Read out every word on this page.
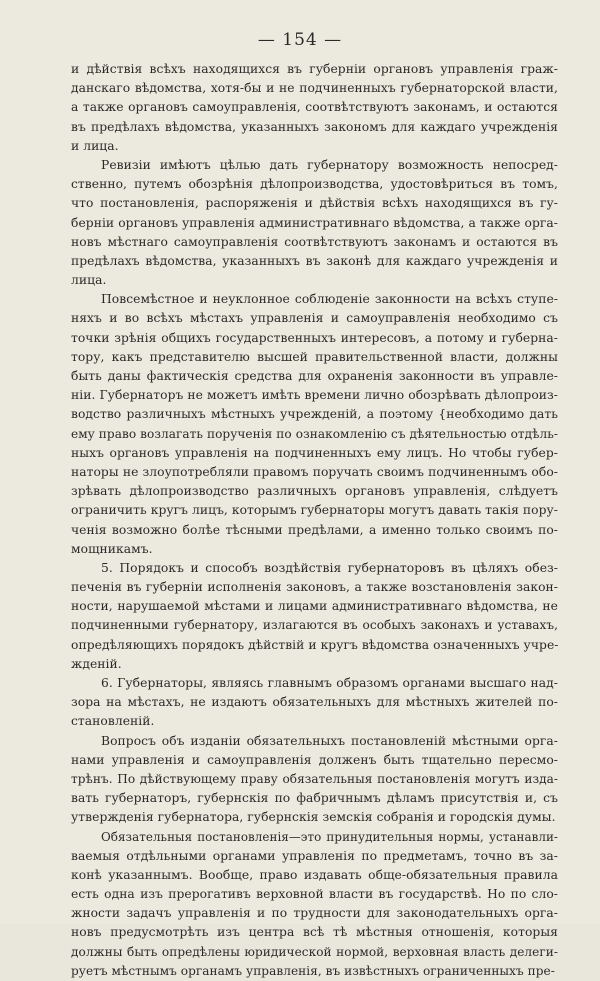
— 154 —
и дѣйствія всѣхъ находящихся въ губерніи органовъ управленія граж-
данскаго вѣдомства, хотя-бы и не подчиненныхъ губернаторской власти,
а также органовъ самоуправленія, соотвѣтствуютъ законамъ, и остаются
въ предѣлахъ вѣдомства, указанныхъ закономъ для каждаго учрежденія
и лица.
Ревизіи имѣютъ цѣлью дать губернатору возможность непосред-
ственно, путемъ обозрѣнія дѣлопроизводства, удостовѣриться въ томъ,
что постановленія, распоряженія и дѣйствія всѣхъ находящихся въ гу-
берніи органовъ управленія административнаго вѣдомства, а также орга-
новъ мѣстнаго самоуправленія соотвѣтствуютъ законамъ и остаются въ
предѣлахъ вѣдомства, указанныхъ въ законѣ для каждаго учрежденія и
лица.
Повсемѣстное и неуклонное соблюденіе законности на всѣхъ ступе-
няхъ и во всѣхъ мѣстахъ управленія и самоуправленія необходимо съ
точки зрѣнія общихъ государственныхъ интересовъ, а потому и губерна-
тору, какъ представителю высшей правительственной власти, должны
быть даны фактическія средства для охраненія законности въ управле-
ніи. Губернаторъ не можетъ имѣть времени лично обозрѣвать дѣлопроиз-
водство различныхъ мѣстныхъ учрежденій, а поэтому {необходимо дать
ему право возлагать порученія по ознакомленію съ дѣятельностью отдѣль-
ныхъ органовъ управленія на подчиненныхъ ему лицъ. Но чтобы губер-
наторы не злоупотребляли правомъ поручать своимъ подчиненнымъ обо-
зрѣвать дѣлопроизводство различныхъ органовъ управленія, слѣдуетъ
ограничить кругъ лицъ, которымъ губернаторы могутъ давать такія пору-
ченія возможно болѣе тѣсными предѣлами, а именно только своимъ по-
мощникамъ.
5. Порядокъ и способъ воздѣйствія губернаторовъ въ цѣляхъ обез-
печенія въ губерніи исполненія законовъ, а также возстановленія закон-
ности, нарушаемой мѣстами и лицами административнаго вѣдомства, не
подчиненными губернатору, излагаются въ особыхъ законахъ и уставахъ,
опредѣляющихъ порядокъ дѣйствій и кругъ вѣдомства означенныхъ учре-
жденій.
6. Губернаторы, являясь главнымъ образомъ органами высшаго над-
зора на мѣстахъ, не издаютъ обязательныхъ для мѣстныхъ жителей по-
становленій.
Вопросъ объ изданіи обязательныхъ постановленій мѣстными орга-
нами управленія и самоуправленія долженъ быть тщательно пересмо-
трѣнъ. По дѣйствующему праву обязательныя постановленія могутъ изда-
вать губернаторъ, губернскія по фабричнымъ дѣламъ присутствія и, съ
утвержденія губернатора, губернскія земскія собранія и городскія думы.
Обязательныя постановленія—это принудительныя нормы, устанавли-
ваемыя отдѣльными органами управленія по предметамъ, точно въ за-
конѣ указаннымъ. Вообще, право издавать обще-обязательныя правила
есть одна изъ прерогативъ верховной власти въ государствѣ. Но по сло-
жности задачъ управленія и по трудности для законодательныхъ орга-
новъ предусмотрѣть изъ центра всѣ тѣ мѣстныя отношенія, которыя
должны быть опредѣлены юридической нормой, верховная власть делеги-
руетъ мѣстнымъ органамъ управленія, въ извѣстныхъ ограниченныхъ пре-
